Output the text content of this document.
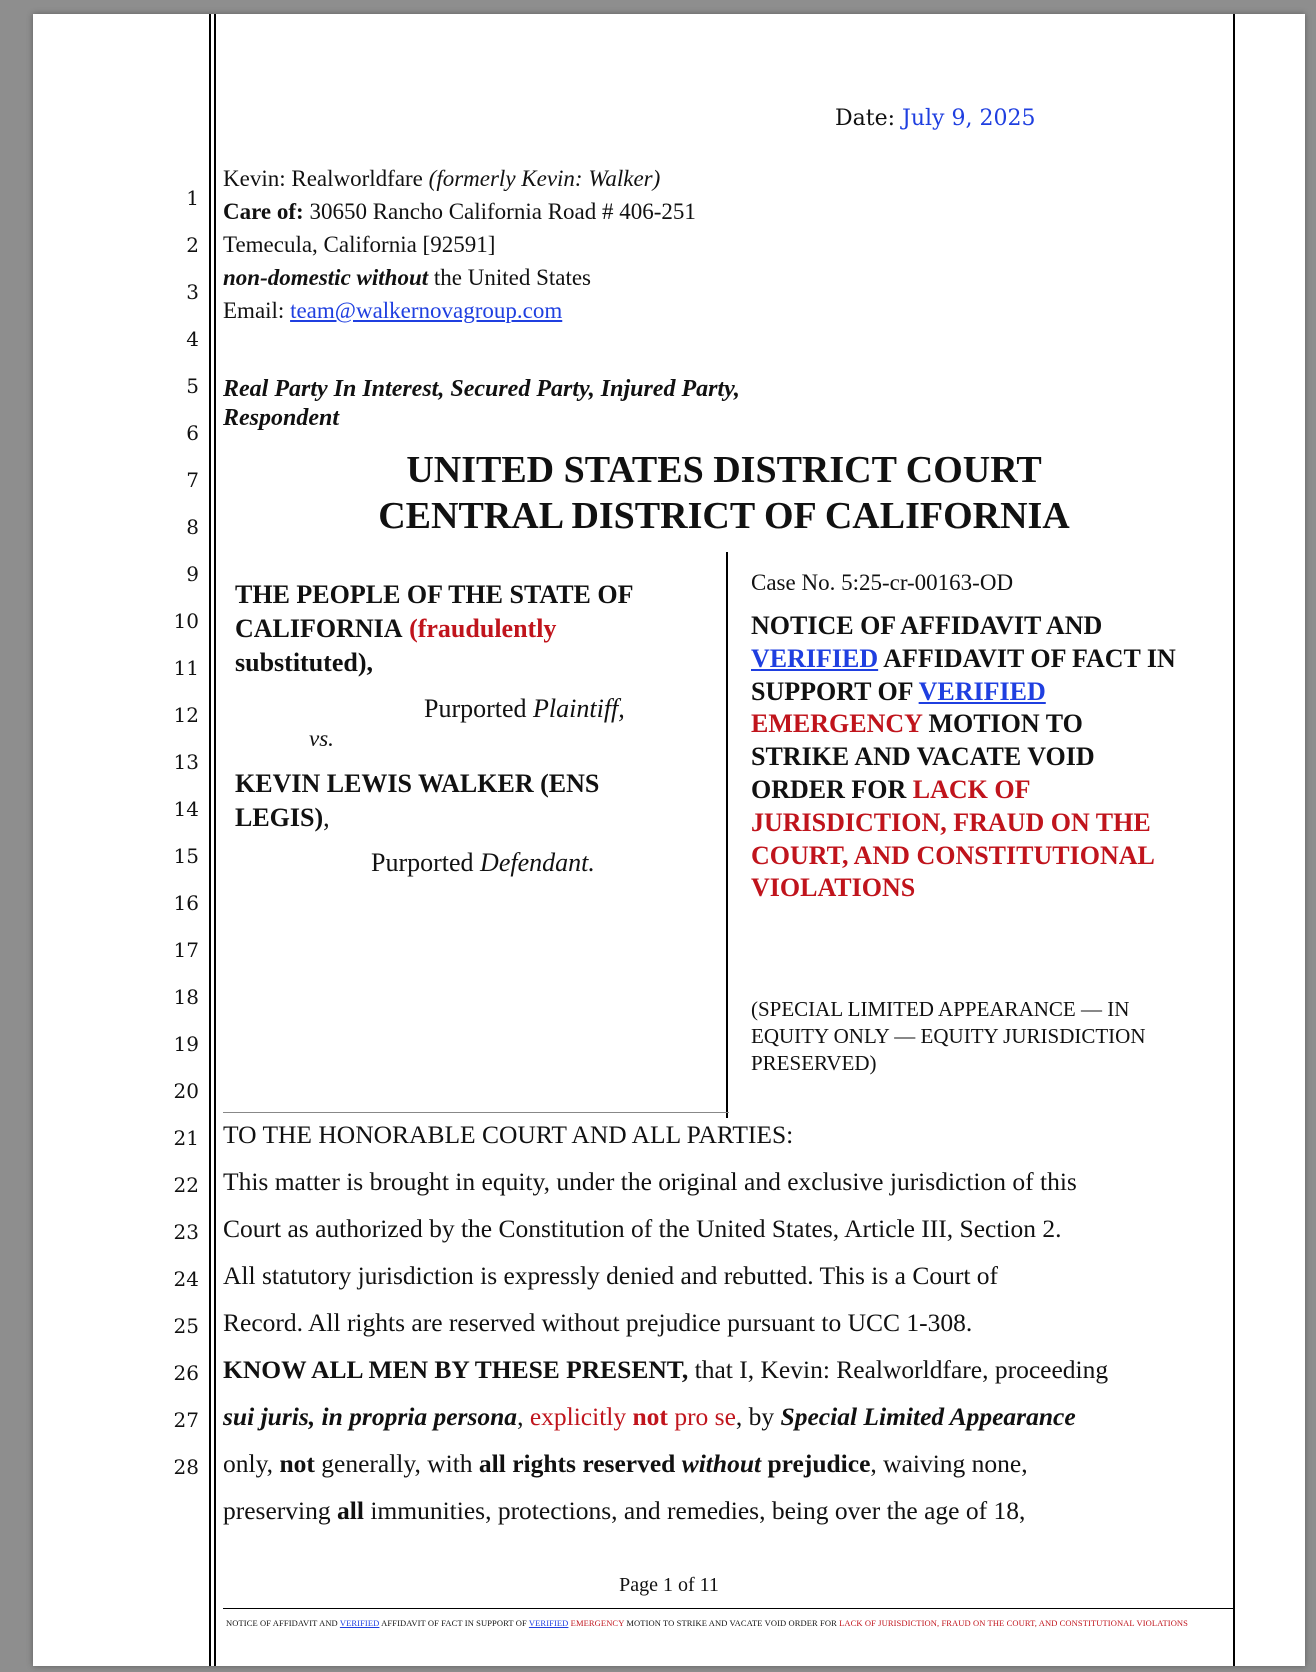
1
2
3
4
5
6
7
8
9
10
11
12
13
14
15
16
17
18
19
20
21
22
23
24
25
26
27
28
Date: July 9, 2025
Kevin: Realworldfare (formerly Kevin: Walker)
Care of: 30650 Rancho California Road # 406-251
Temecula, California [92591]
non-domestic without the United States
Email: team@walkernovagroup.com
Real Party In Interest, Secured Party, Injured Party,
Respondent
UNITED STATES DISTRICT COURT
CENTRAL DISTRICT OF CALIFORNIA
THE PEOPLE OF THE STATE OF
CALIFORNIA (fraudulently
substituted),
Purported Plaintiff,
vs.
KEVIN LEWIS WALKER (ENS
LEGIS),
Purported Defendant.
Case No. 5:25-cr-00163-OD
NOTICE OF AFFIDAVIT AND
VERIFIED AFFIDAVIT OF FACT IN
SUPPORT OF VERIFIED
EMERGENCY MOTION TO
STRIKE AND VACATE VOID
ORDER FOR LACK OF
JURISDICTION, FRAUD ON THE
COURT, AND CONSTITUTIONAL
VIOLATIONS
(SPECIAL LIMITED APPEARANCE — IN EQUITY ONLY — EQUITY JURISDICTION PRESERVED)
TO THE HONORABLE COURT AND ALL PARTIES:
This matter is brought in equity, under the original and exclusive jurisdiction of this
Court as authorized by the Constitution of the United States, Article III, Section 2.
All statutory jurisdiction is expressly denied and rebutted. This is a Court of
Record. All rights are reserved without prejudice pursuant to UCC 1-308.
KNOW ALL MEN BY THESE PRESENT, that I, Kevin: Realworldfare, proceeding
sui juris, in propria persona, explicitly not pro se, by Special Limited Appearance
only, not generally, with all rights reserved without prejudice, waiving none,
preserving all immunities, protections, and remedies, being over the age of 18,
Page 1 of 11
NOTICE OF AFFIDAVIT AND VERIFIED AFFIDAVIT OF FACT IN SUPPORT OF VERIFIED EMERGENCY MOTION TO STRIKE AND VACATE VOID ORDER FOR LACK OF JURISDICTION, FRAUD ON THE COURT, AND CONSTITUTIONAL VIOLATIONS
